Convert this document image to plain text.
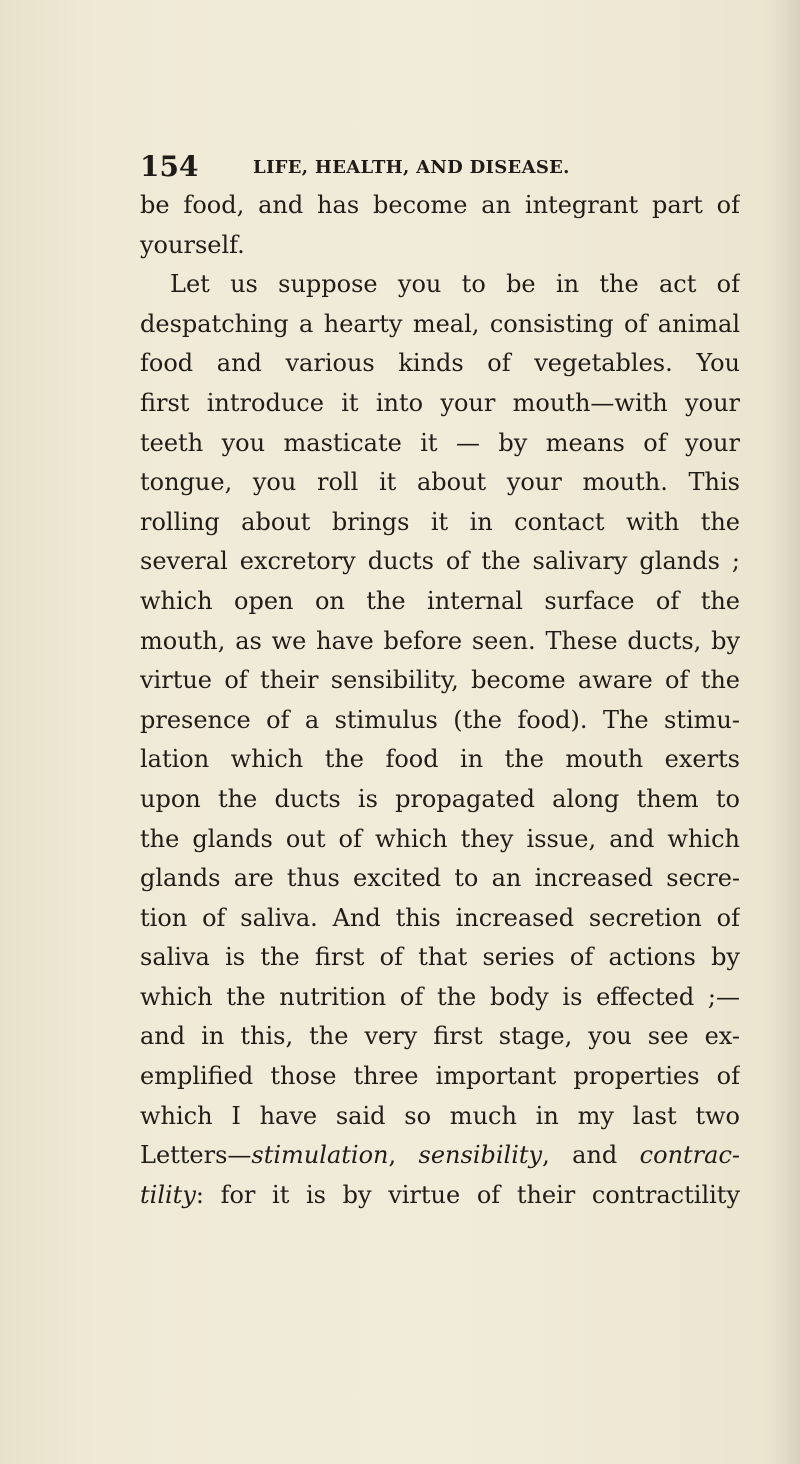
154	LIFE, HEALTH, AND DISEASE.
be food, and has become an integrant part of
yourself.
Let us suppose you to be in the act of
despatching a hearty meal, consisting of animal
food and various kinds of vegetables. You
first introduce it into your mouth—with your
teeth you masticate it — by means of your
tongue, you roll it about your mouth. This
rolling about brings it in contact with the
several excretory ducts of the salivary glands ;
which open on the internal surface of the
mouth, as we have before seen. These ducts, by
virtue of their sensibility, become aware of the
presence of a stimulus (the food). The stimu-
lation which the food in the mouth exerts
upon the ducts is propagated along them to
the glands out of which they issue, and which
glands are thus excited to an increased secre-
tion of saliva. And this increased secretion of
saliva is the first of that series of actions by
which the nutrition of the body is effected ;—
and in this, the very first stage, you see ex-
emplified those three important properties of
which I have said so much in my last two
Letters—stimulation, sensibility, and contrac-
tility: for it is by virtue of their contractility
